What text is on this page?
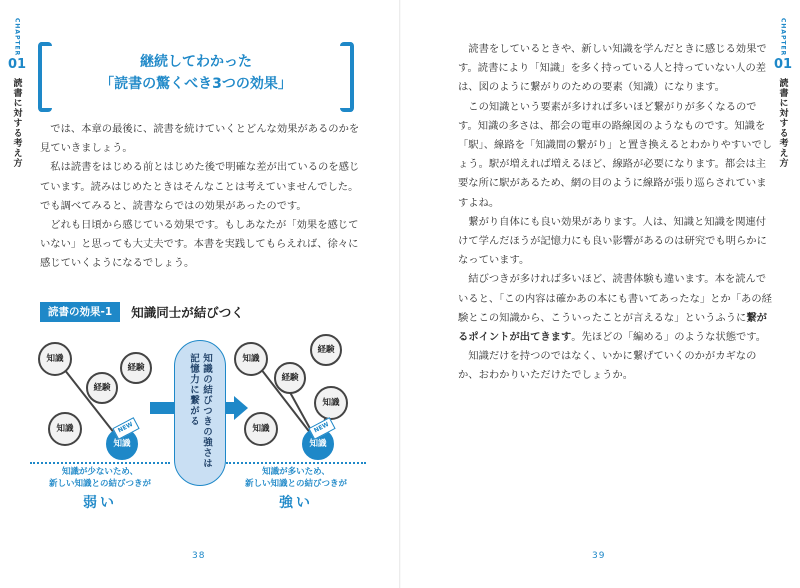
CHAPTER
01
読書に対する考え方
継続してわかった
「読書の驚くべき3つの効果」

では、本章の最後に、読書を続けていくとどんな効果があるのかを見ていきましょう。

私は読書をはじめる前とはじめた後で明確な差が出ているのを感じています。読みはじめたときはそんなことは考えていませんでした。でも調べてみると、読書ならではの効果があったのです。

どれも日頃から感じている効果です。もしあなたが「効果を感じていない」と思っても大丈夫です。本書を実践してもらえれば、徐々に感じていくようになるでしょう。

読書の効果-1 知識同士が結びつく
知識
経験
経験
知識
知識
NEW	知識の結びつきの強さは記憶力に繋がる	知識
経験
経験
知識
知識
知識
NEW
知識が少ないため、
新しい知識との結びつきが
弱い
知識が多いため、
新しい知識との結びつきが
強い
38
CHAPTER
01
読書に対する考え方
39

読書をしているときや、新しい知識を学んだときに感じる効果です。読書により「知識」を多く持っている人と持っていない人の差は、図のように繋がりのための要素（知識）になります。

この知識という要素が多ければ多いほど繋がりが多くなるのです。知識の多さは、都会の電車の路線図のようなものです。知識を「駅」、線路を「知識間の繋がり」と置き換えるとわかりやすいでしょう。駅が増えれば増えるほど、線路が必要になります。都会は主要な所に駅があるため、網の目のように線路が張り巡らされていますよね。

繋がり自体にも良い効果があります。人は、知識と知識を関連付けて学んだほうが記憶力にも良い影響があるのは研究でも明らかになっています。

結びつきが多ければ多いほど、読書体験も違います。本を読んでいると、「この内容は確かあの本にも書いてあったな」とか「あの経験とこの知識から、こういったことが言えるな」というふうに繋がるポイントが出てきます。先ほどの「編める」のような状態です。

知識だけを持つのではなく、いかに繋げていくのかがカギなのか、おわかりいただけたでしょうか。
